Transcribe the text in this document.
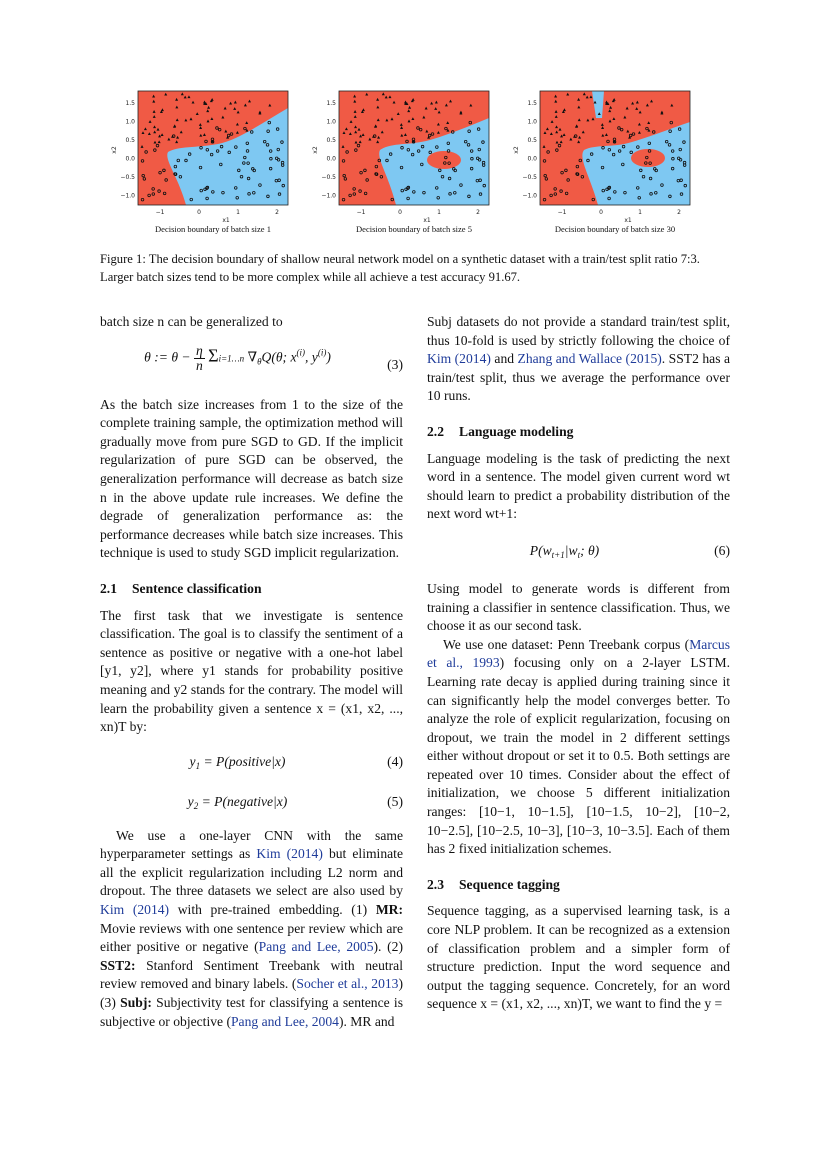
1.5
1.0
0.5
0.0
−0.5
−1.0
−1	0	1	2
x1
x2
1.5
1.0
0.5
0.0
−0.5
−1.0
−1	0	1	2
x1
x2
1.5
1.0
0.5
0.0
−0.5
−1.0
−1	0	1	2
x1
x2
Decision boundary of batch size 1	Decision boundary of batch size 5	Decision boundary of batch size 30
Figure 1: The decision boundary of shallow neural network model on a synthetic dataset with a train/test split ratio 7:3. Larger batch sizes tend to be more complex while all achieve a test accuracy 91.67.

batch size n can be generalized to

θ := $\theta - \frac{\eta}{n}$ Σi=1…n $\nabla_\theta Q(\theta$; $x^{(i)}$, $y^{(i)}$)	(3)

As the batch size increases from 1 to the size of the complete training sample, the optimization method will gradually move from pure SGD to GD. If the implicit regularization of pure SGD can be observed, the generalization performance will decrease as batch size n in the above update rule increases. We define the degrade of generalization performance as: the performance decreases while batch size increases. This technique is used to study SGD implicit regularization.

2.1 Sentence classification

The first task that we investigate is sentence classification. The goal is to classify the sentiment of a sentence as positive or negative with a one-hot label [y1, y2], where y1 stands for probability positive meaning and y2 stands for the contrary. The model will learn the probability given a sentence x = (x1, x2, ..., xn)T by:

$y_1$ = P(positive|x)	(4)
$y_2$ = P(negative|x)	(5)

We use a one-layer CNN with the same hyperparameter settings as Kim (2014) but eliminate all the explicit regularization including L2 norm and dropout. The three datasets we select are also used by Kim (2014) with pre-trained embedding. (1) MR: Movie reviews with one sentence per review which are either positive or negative (Pang and Lee, 2005). (2) SST2: Stanford Sentiment Treebank with neutral review removed and binary labels. (Socher et al., 2013) (3) Subj: Subjectivity test for classifying a sentence is subjective or objective (Pang and Lee, 2004). MR and

Subj datasets do not provide a standard train/test split, thus 10-fold is used by strictly following the choice of Kim (2014) and Zhang and Wallace (2015). SST2 has a train/test split, thus we average the performance over 10 runs.

2.2 Language modeling

Language modeling is the task of predicting the next word in a sentence. The model given current word wt should learn to predict a probability distribution of the next word wt+1:

$P(w_{t+1}|w_t$; θ)	(6)

Using model to generate words is different from training a classifier in sentence classification. Thus, we choose it as our second task.

We use one dataset: Penn Treebank corpus (Marcus et al., 1993) focusing only on a 2-layer LSTM. Learning rate decay is applied during training since it can significantly help the model converges better. To analyze the role of explicit regularization, focusing on dropout, we train the model in 2 different settings either without dropout or set it to 0.5. Both settings are repeated over 10 times. Consider about the effect of initialization, we choose 5 different initialization ranges: [10−1, 10−1.5], [10−1.5, 10−2], [10−2, 10−2.5], [10−2.5, 10−3], [10−3, 10−3.5]. Each of them has 2 fixed initialization schemes.

2.3 Sequence tagging

Sequence tagging, as a supervised learning task, is a core NLP problem. It can be recognized as a extension of classification problem and a simpler form of structure prediction. Input the word sequence and output the tagging sequence. Concretely, for an word sequence x = (x1, x2, ..., xn)T, we want to find the y =
